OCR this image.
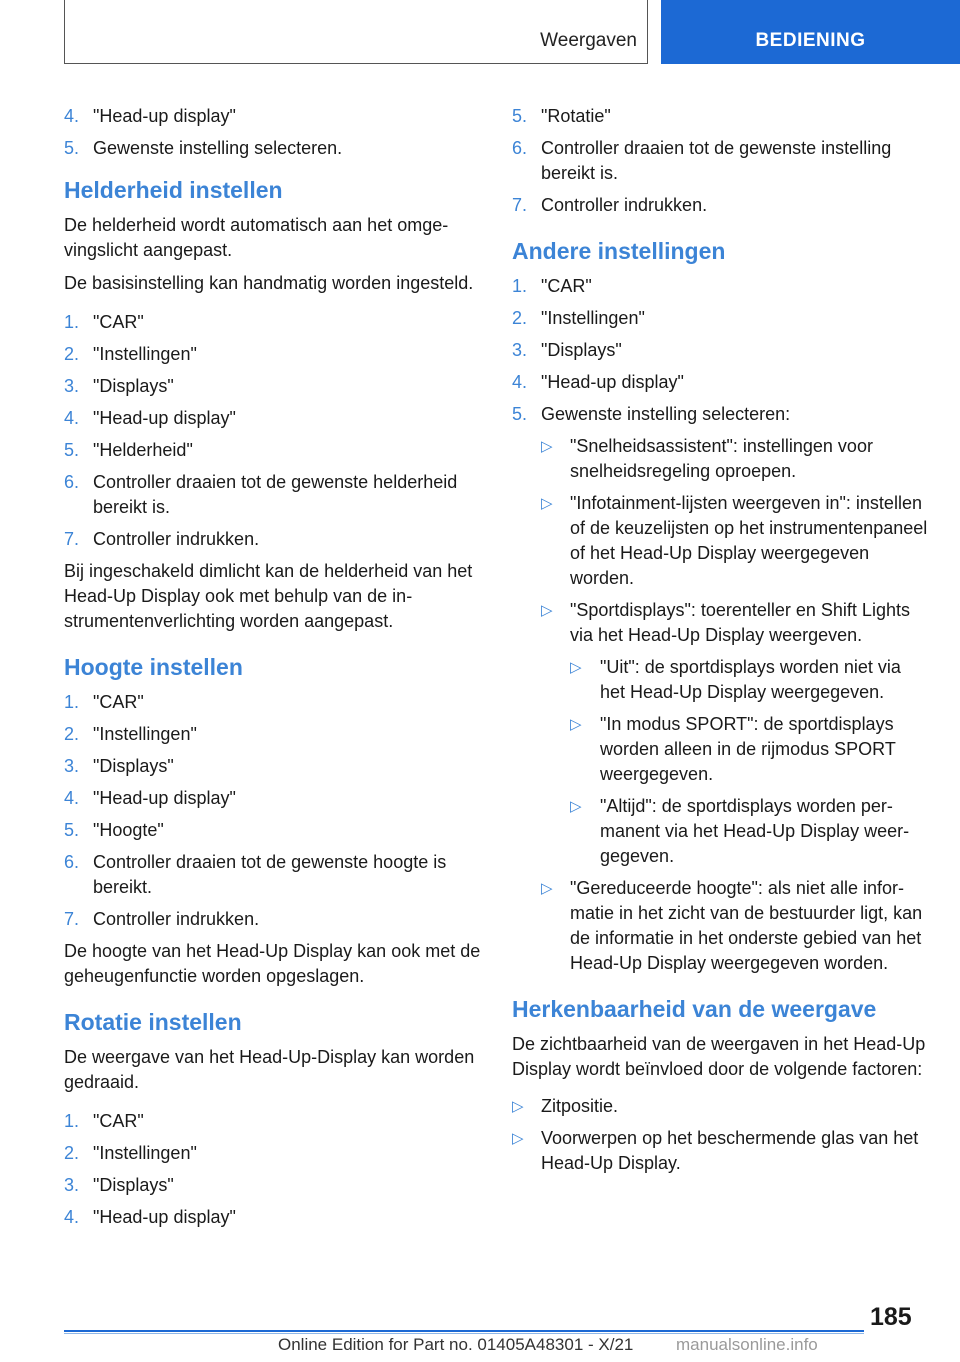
Weergaven	BEDIENING
4. "Head-up display"
5. Gewenste instelling selecteren.
Helderheid instellen
De helderheid wordt automatisch aan het omgevingslicht aangepast.
De basisinstelling kan handmatig worden ingesteld.
1. "CAR"
2. "Instellingen"
3. "Displays"
4. "Head-up display"
5. "Helderheid"
6. Controller draaien tot de gewenste helderheid bereikt is.
7. Controller indrukken.
Bij ingeschakeld dimlicht kan de helderheid van het Head-Up Display ook met behulp van de instrumentenverlichting worden aangepast.
Hoogte instellen
1. "CAR"
2. "Instellingen"
3. "Displays"
4. "Head-up display"
5. "Hoogte"
6. Controller draaien tot de gewenste hoogte is bereikt.
7. Controller indrukken.
De hoogte van het Head-Up Display kan ook met de geheugenfunctie worden opgeslagen.
Rotatie instellen
De weergave van het Head-Up-Display kan worden gedraaid.
1. "CAR"
2. "Instellingen"
3. "Displays"
4. "Head-up display"
5. "Rotatie"
6. Controller draaien tot de gewenste instelling bereikt is.
7. Controller indrukken.
Andere instellingen
1. "CAR"
2. "Instellingen"
3. "Displays"
4. "Head-up display"
5. Gewenste instelling selecteren:
▷ "Snelheidsassistent": instellingen voor snelheidsregeling oproepen.
▷ "Infotainment-lijsten weergeven in": instellen of de keuzelijsten op het instrumentenpaneel of het Head-Up Display weergegeven worden.
▷ "Sportdisplays": toerenteller en Shift Lights via het Head-Up Display weergeven.
▷ "Uit": de sportdisplays worden niet via het Head-Up Display weergegeven.
▷ "In modus SPORT": de sportdisplays worden alleen in de rijmodus SPORT weergegeven.
▷ "Altijd": de sportdisplays worden permanent via het Head-Up Display weergegeven.
▷ "Gereduceerde hoogte": als niet alle informatie in het zicht van de bestuurder ligt, kan de informatie in het onderste gebied van het Head-Up Display weergegeven worden.
Herkenbaarheid van de weergave
De zichtbaarheid van de weergaven in het Head-Up Display wordt beïnvloed door de volgende factoren:
▷ Zitpositie.
▷ Voorwerpen op het beschermende glas van het Head-Up Display.
185
Online Edition for Part no. 01405A48301 - X/21	manualsonline.info
